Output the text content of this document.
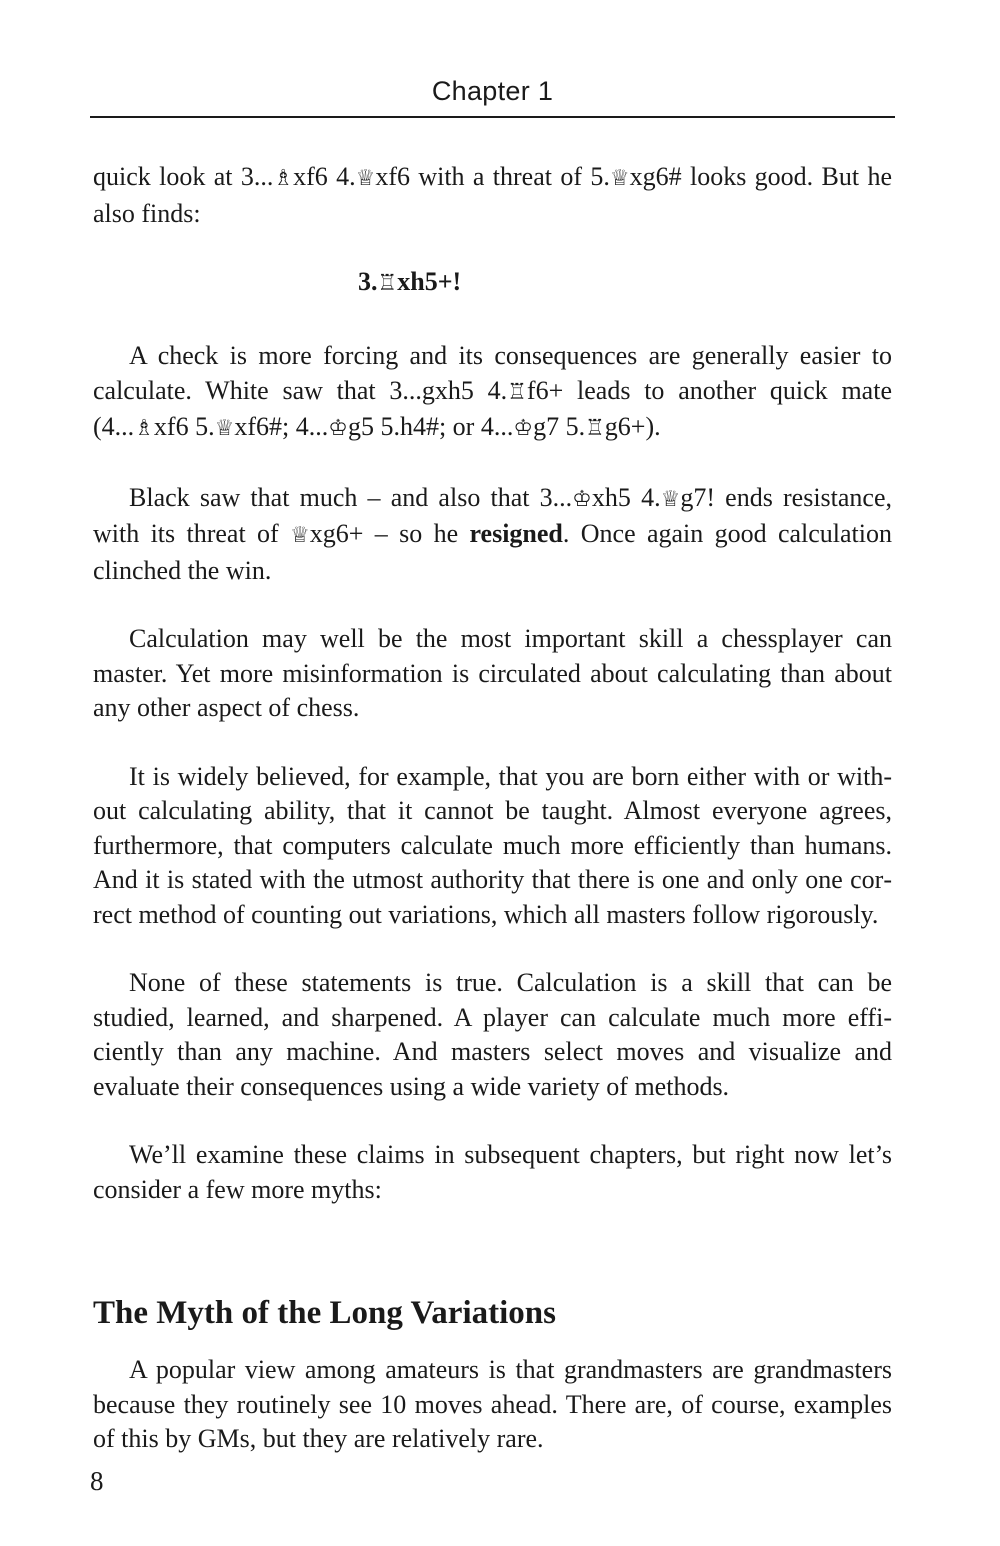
Chapter 1

quick look at 3...♗xf6 4.♕xf6 with a threat of 5.♕xg6# looks good. But he also finds:

3.♖xh5+!

A check is more forcing and its consequences are generally easier to calculate. White saw that 3...gxh5 4.♖f6+ leads to another quick mate (4...♗xf6 5.♕xf6#; 4...♔g5 5.h4#; or 4...♔g7 5.♖g6+).

Black saw that much – and also that 3...♔xh5 4.♕g7! ends resistance, with its threat of ♕xg6+ – so he resigned. Once again good calculation clinched the win.

Calculation may well be the most important skill a chessplayer can master. Yet more misinformation is circulated about calculating than about any other aspect of chess.

It is widely believed, for example, that you are born either with or without calculating ability, that it cannot be taught. Almost everyone agrees, furthermore, that computers calculate much more efficiently than humans. And it is stated with the utmost authority that there is one and only one correct method of counting out variations, which all masters follow rigorously.

None of these statements is true. Calculation is a skill that can be studied, learned, and sharpened. A player can calculate much more efficiently than any machine. And masters select moves and visualize and evaluate their consequences using a wide variety of methods.

We’ll examine these claims in subsequent chapters, but right now let’s consider a few more myths:

The Myth of the Long Variations

A popular view among amateurs is that grandmasters are grandmasters because they routinely see 10 moves ahead. There are, of course, examples of this by GMs, but they are relatively rare.

8
